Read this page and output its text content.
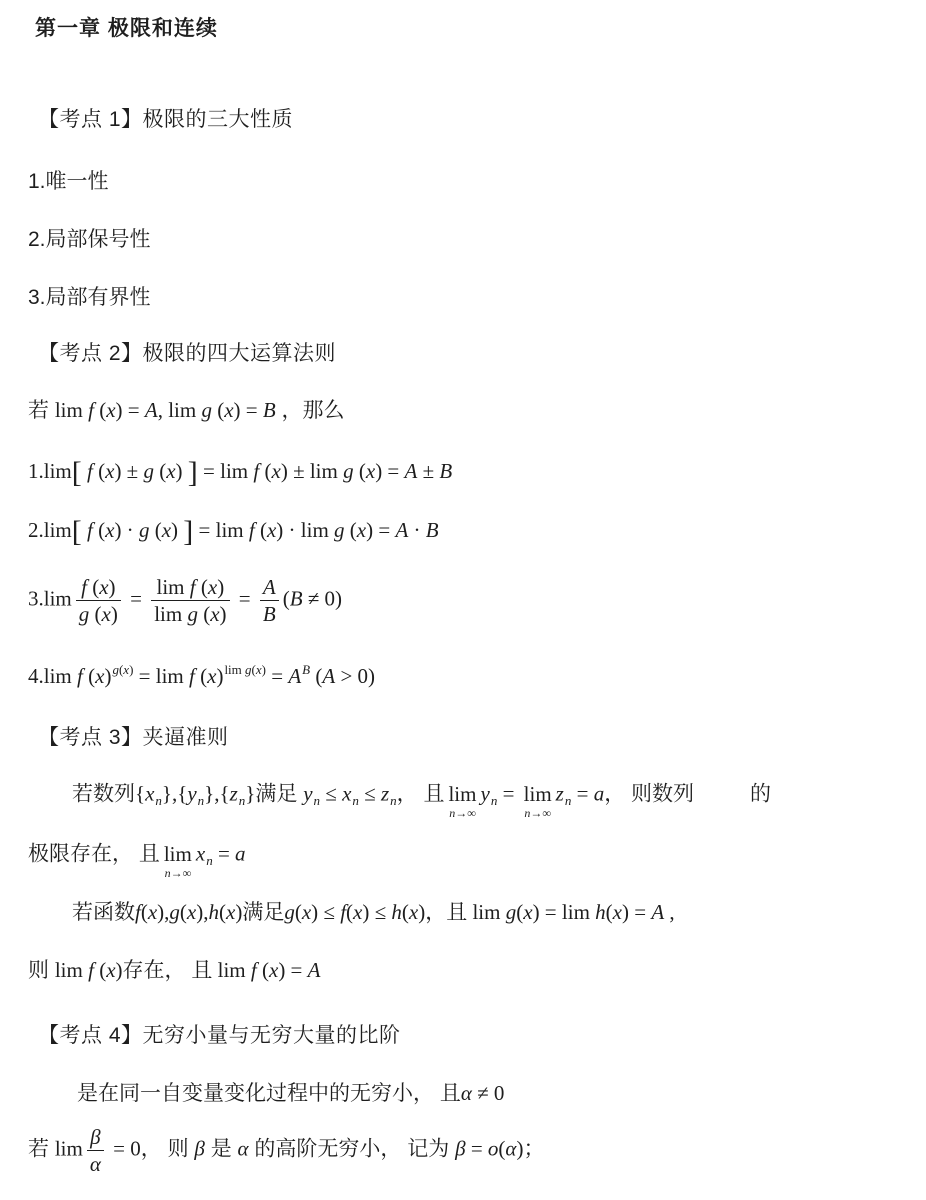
第一章 极限和连续
【考点 1】极限的三大性质
1.唯一性
2.局部保号性
3.局部有界性
【考点 2】极限的四大运算法则
若 lim f (x) = A, lim g (x) = B ，那么
1.lim[ f (x) ± g (x) ] = lim f (x) ± lim g (x) = A ± B
2.lim[ f (x) · g (x) ] = lim f (x) · lim g (x) = A · B
$3.\lim \frac{f (x)}{g (x)} = \frac{\text{lim f (x)}}{\text{lim g (x)}} = \frac{A}{B} (B \ne 0)$
4.lim f $(x)^{g(x)} = \lim f$ $(x)^{lim g(x)} = A^B$ (A > 0)
【考点 3】夹逼准则
若数列$\{x_n\},\{y_n\},\{z_n\}$满足 $y_n \le x_n \le z_n$， 且 lim
n→∞
$y_n = \lim$
n→∞
$z_n = a$， 则数列	的
极限存在， 且 lim
n→∞
$x_n = a$
若函数f(x),g(x),h(x)满足g(x) ≤ f(x) ≤ h(x)，且 lim g(x) = lim h(x) = A ,
则 lim f (x)存在， 且 lim f (x) = A
【考点 4】无穷小量与无穷大量的比阶
是在同一自变量变化过程中的无穷小， 且α ≠ 0
若 $\lim \frac{\beta}{\alpha} = 0$， 则 β 是 α 的高阶无穷小， 记为 β = o(α)；
